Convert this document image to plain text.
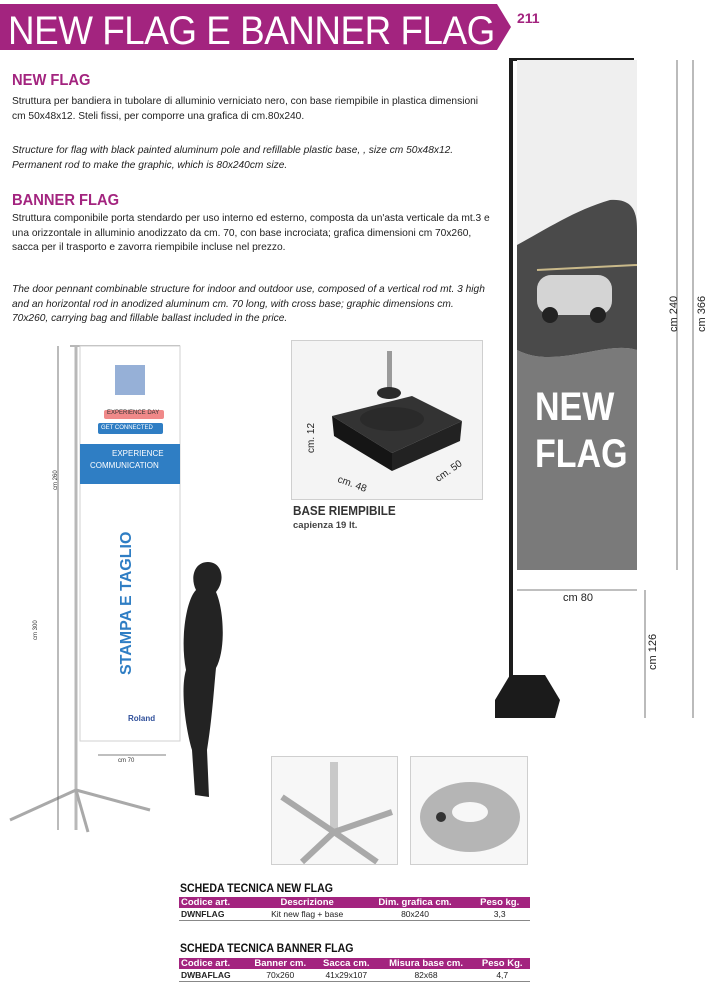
NEW FLAG E BANNER FLAG 211
NEW FLAG
Struttura per bandiera in tubolare di alluminio verniciato nero, con base riempibile in plastica dimensioni cm 50x48x12. Steli fissi, per comporre una grafica di cm.80x240.
Structure for flag with black painted aluminum pole and refillable plastic base, , size cm 50x48x12. Permanent rod to make the graphic, which is 80x240cm size.
BANNER FLAG
Struttura componibile porta stendardo per uso interno ed esterno, composta da un'asta verticale da mt.3 e una orizzontale in alluminio anodizzato da cm. 70, con base incrociata; grafica dimensioni cm 70x260, sacca per il trasporto e zavorra riempibile incluse nel prezzo.
The door pennant combinable structure for indoor and outdoor use, composed of a vertical rod mt. 3 high and an horizontal rod in anodized aluminum cm. 70 long, with cross base; graphic dimensions cm. 70x260, carrying bag and fillable ballast included in the price.
EXPERIENCE DAY
GET CONNECTED
EXPERIENCE
COMMUNICATION
STAMPA E TAGLIO
Roland
cm 260
cm 300
cm 70
cm. 12
cm. 48	cm. 50
BASE RIEMPIBILE
capienza 19 lt.
NEW
FLAG
cm 80
cm 240 cm 366
cm 126
SCHEDA TECNICA NEW FLAG
Codice art.	Descrizione	Dim. grafica cm.	Peso kg.
DWNFLAG	Kit new flag + base	80x240	3,3
SCHEDA TECNICA BANNER FLAG
Codice art.	Banner cm.	Sacca cm.	Misura base cm.	Peso Kg.
DWBAFLAG	70x260	41x29x107	82x68	4,7
